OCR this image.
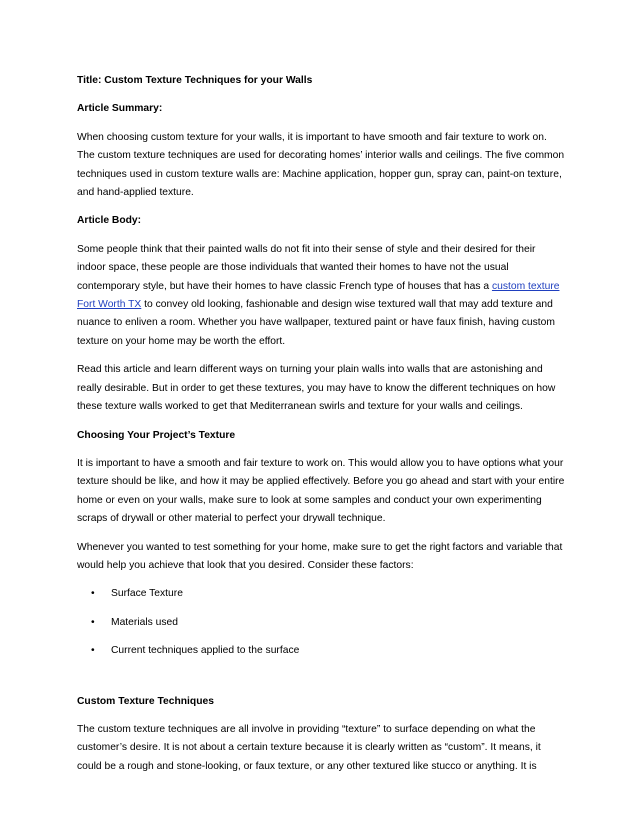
Title: Custom Texture Techniques for your Walls
Article Summary:
When choosing custom texture for your walls, it is important to have smooth and fair texture to work on. The custom texture techniques are used for decorating homes’ interior walls and ceilings. The five common techniques used in custom texture walls are: Machine application, hopper gun, spray can, paint-on texture, and hand-applied texture.
Article Body:
Some people think that their painted walls do not fit into their sense of style and their desired for their indoor space, these people are those individuals that wanted their homes to have not the usual contemporary style, but have their homes to have classic French type of houses that has a custom texture Fort Worth TX to convey old looking, fashionable and design wise textured wall that may add texture and nuance to enliven a room. Whether you have wallpaper, textured paint or have faux finish, having custom texture on your home may be worth the effort.
Read this article and learn different ways on turning your plain walls into walls that are astonishing and really desirable. But in order to get these textures, you may have to know the different techniques on how these texture walls worked to get that Mediterranean swirls and texture for your walls and ceilings.
Choosing Your Project’s Texture
It is important to have a smooth and fair texture to work on. This would allow you to have options what your texture should be like, and how it may be applied effectively. Before you go ahead and start with your entire home or even on your walls, make sure to look at some samples and conduct your own experimenting scraps of drywall or other material to perfect your drywall technique.
Whenever you wanted to test something for your home, make sure to get the right factors and variable that would help you achieve that look that you desired. Consider these factors:
• Surface Texture
• Materials used
• Current techniques applied to the surface
Custom Texture Techniques
The custom texture techniques are all involve in providing “texture” to surface depending on what the customer’s desire. It is not about a certain texture because it is clearly written as “custom”. It means, it could be a rough and stone-looking, or faux texture, or any other textured like stucco or anything. It is
